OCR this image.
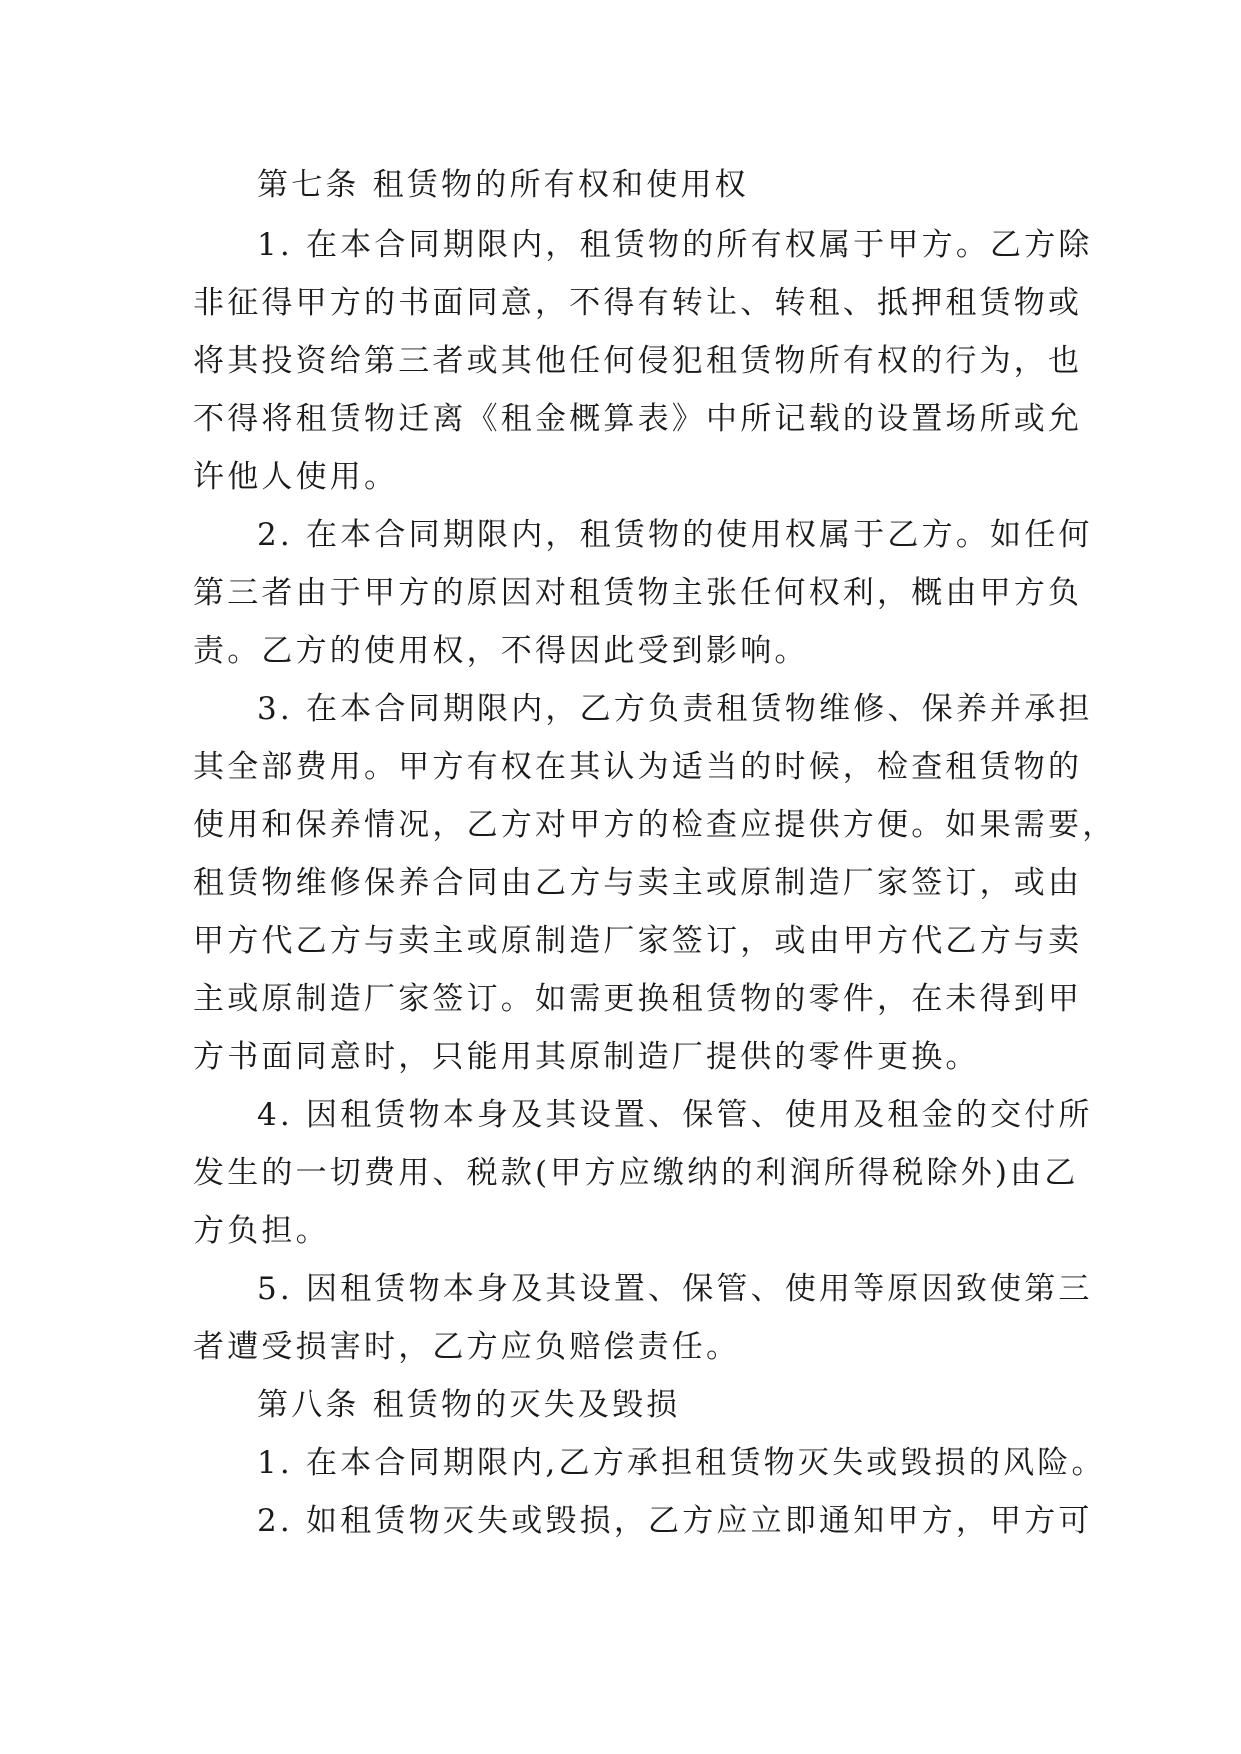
第七条 租赁物的所有权和使用权
1. 在本合同期限内，租赁物的所有权属于甲方。乙方除
非征得甲方的书面同意，不得有转让、转租、抵押租赁物或
将其投资给第三者或其他任何侵犯租赁物所有权的行为，也
不得将租赁物迁离《租金概算表》中所记载的设置场所或允
许他人使用。
2. 在本合同期限内，租赁物的使用权属于乙方。如任何
第三者由于甲方的原因对租赁物主张任何权利，概由甲方负
责。乙方的使用权，不得因此受到影响。
3. 在本合同期限内，乙方负责租赁物维修、保养并承担
其全部费用。甲方有权在其认为适当的时候，检查租赁物的
使用和保养情况，乙方对甲方的检查应提供方便。如果需要，
租赁物维修保养合同由乙方与卖主或原制造厂家签订，或由
甲方代乙方与卖主或原制造厂家签订，或由甲方代乙方与卖
主或原制造厂家签订。如需更换租赁物的零件，在未得到甲
方书面同意时，只能用其原制造厂提供的零件更换。
4. 因租赁物本身及其设置、保管、使用及租金的交付所
发生的一切费用、税款(甲方应缴纳的利润所得税除外)由乙
方负担。
5. 因租赁物本身及其设置、保管、使用等原因致使第三
者遭受损害时，乙方应负赔偿责任。
第八条 租赁物的灭失及毁损
1. 在本合同期限内,乙方承担租赁物灭失或毁损的风险。
2. 如租赁物灭失或毁损，乙方应立即通知甲方，甲方可
